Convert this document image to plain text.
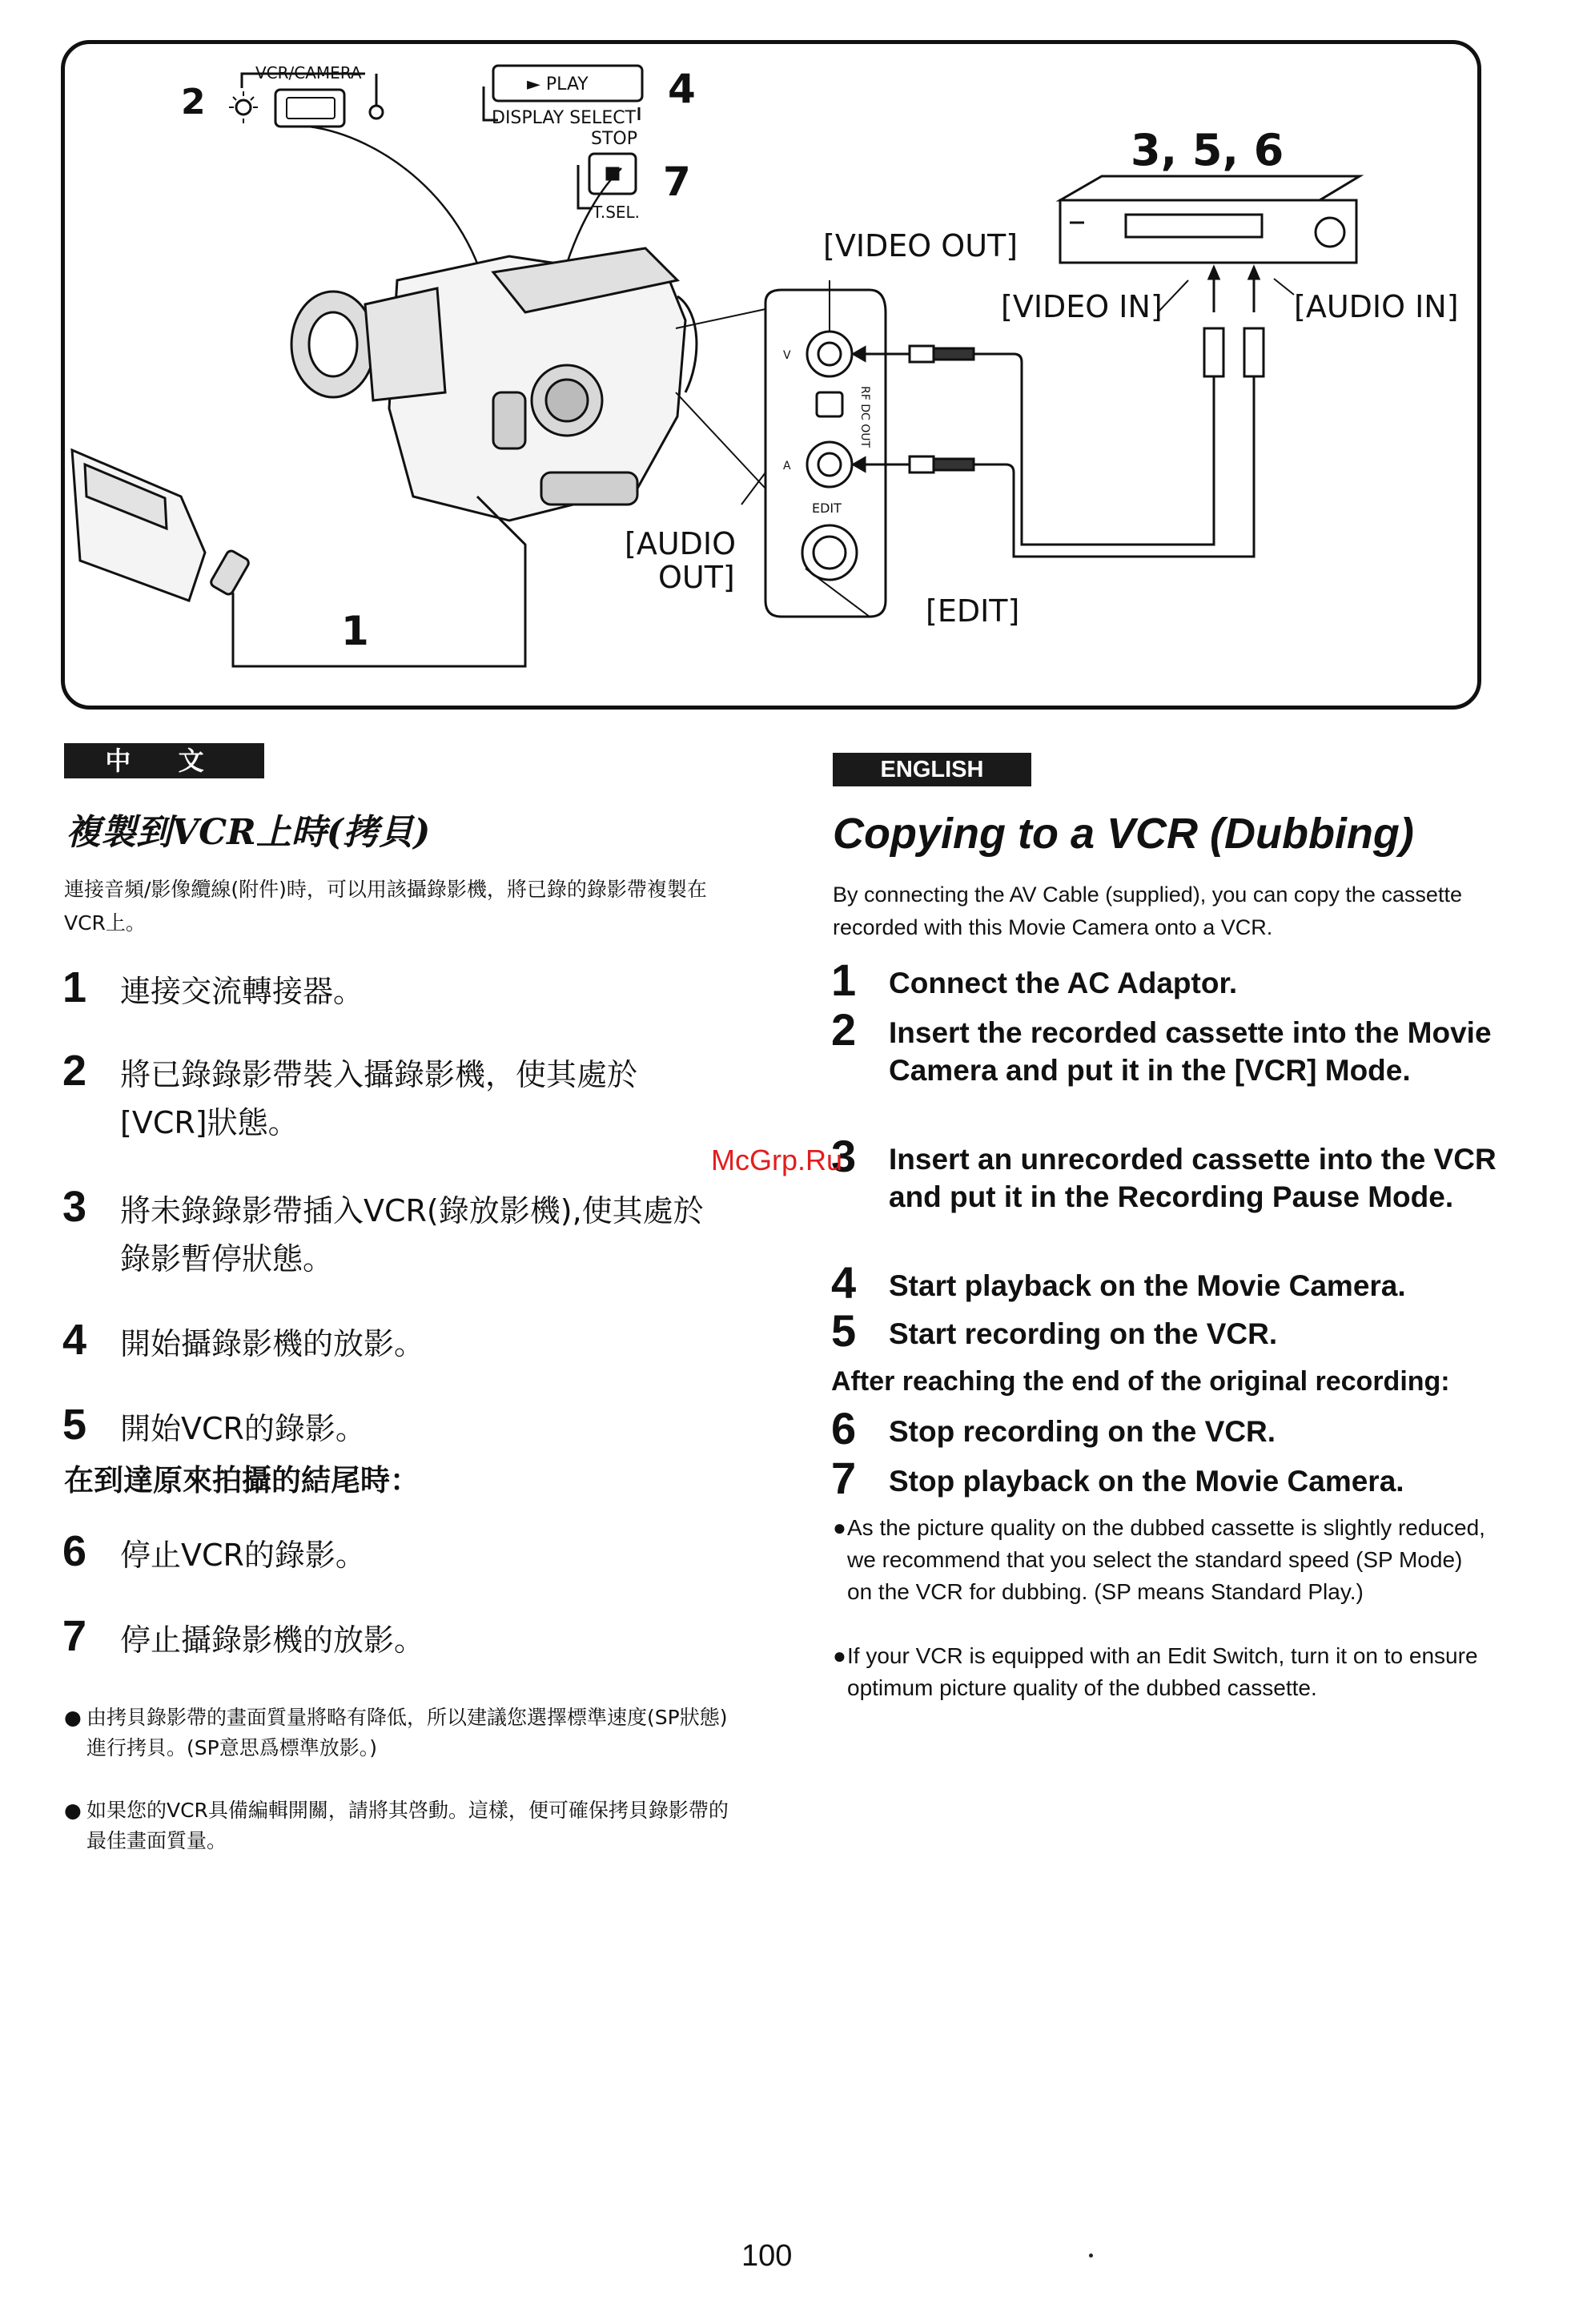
2
VCR/CAMERA
► PLAY
DISPLAY SELECT
STOP
4
T.SEL.
7
1
V
A
RF DC OUT
EDIT
3, 5, 6
[VIDEO OUT]
[VIDEO IN]	[AUDIO IN]
[AUDIO
OUT]
[EDIT]
中 文
複製到VCR上時(拷貝)
連接音頻/影像纜線(附件)時，可以用該攝錄影機，將已錄的錄影帶複製在VCR上。
1 連接交流轉接器。
2 將已錄錄影帶裝入攝錄影機，使其處於[VCR]狀態。
3 將未錄錄影帶插入VCR(錄放影機),使其處於錄影暫停狀態。
4 開始攝錄影機的放影。
5 開始VCR的錄影。
在到達原來拍攝的結尾時：
6 停止VCR的錄影。
7 停止攝錄影機的放影。
● 由拷貝錄影帶的畫面質量將略有降低，所以建議您選擇標準速度(SP狀態)進行拷貝。(SP意思爲標準放影。)
● 如果您的VCR具備編輯開關，請將其啓動。這樣，便可確保拷貝錄影帶的最佳畫面質量。
ENGLISH
Copying to a VCR (Dubbing)
By connecting the AV Cable (supplied), you can copy the cassette recorded with this Movie Camera onto a VCR.
1 Connect the AC Adaptor.
2 Insert the recorded cassette into the Movie Camera and put it in the [VCR] Mode.
3 Insert an unrecorded cassette into the VCR and put it in the Recording Pause Mode.
4 Start playback on the Movie Camera.
5 Start recording on the VCR.
After reaching the end of the original recording:
6 Stop recording on the VCR.
7 Stop playback on the Movie Camera.
● As the picture quality on the dubbed cassette is slightly reduced, we recommend that you select the standard speed (SP Mode) on the VCR for dubbing. (SP means Standard Play.)
● If your VCR is equipped with an Edit Switch, turn it on to ensure optimum picture quality of the dubbed cassette.
McGrp.Ru
100
